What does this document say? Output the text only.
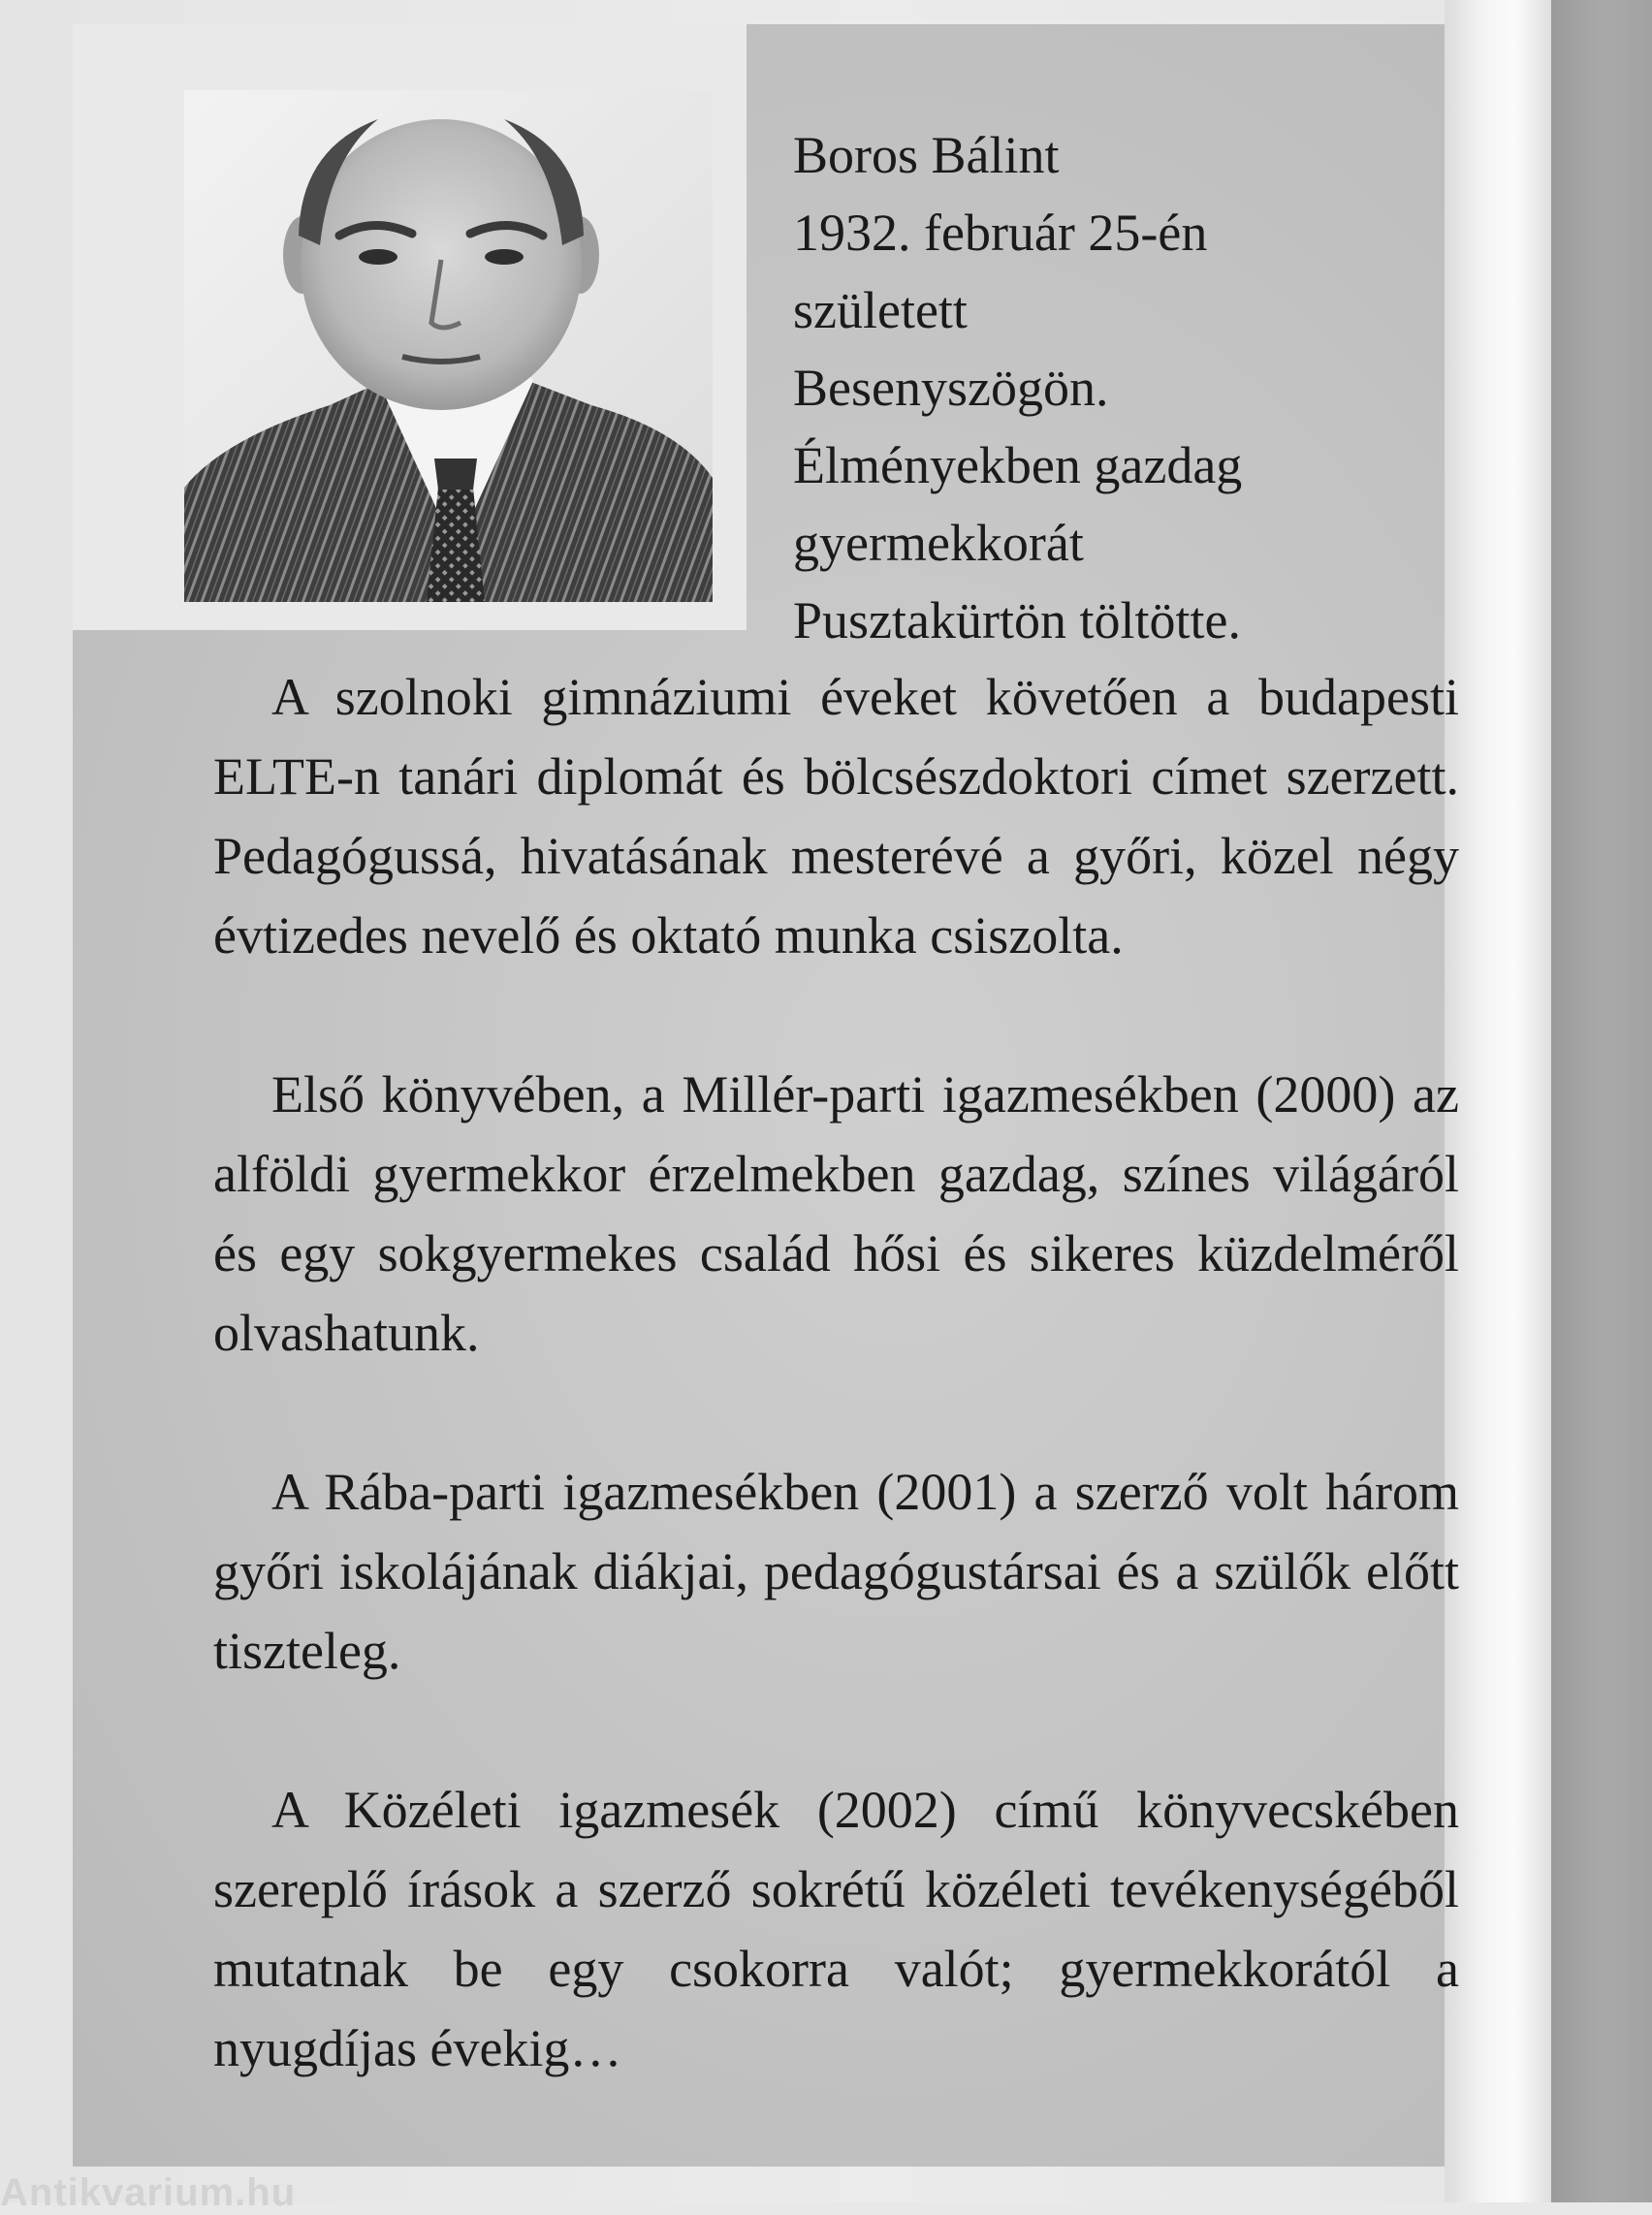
Boros Bálint
1932. február 25-én
született
Besenyszögön.
Élményekben gazdag
gyermekkorát
Pusztakürtön töltötte.

A szolnoki gimnáziumi éveket követően a budapesti ELTE-n tanári diplomát és bölcsészdoktori címet szerzett. Pedagógussá, hivatásának mesterévé a győri, közel négy évtizedes nevelő és oktató munka csiszolta.

Első könyvében, a Millér-parti igazmesékben (2000) az alföldi gyermekkor érzelmekben gazdag, színes világáról és egy sokgyermekes család hősi és sikeres küzdelméről olvashatunk.

A Rába-parti igazmesékben (2001) a szerző volt három győri iskolájának diákjai, pedagógustársai és a szülők előtt tiszteleg.

A Közéleti igazmesék (2002) című könyvecskében szereplő írások a szerző sokrétű közéleti tevékenységéből mutatnak be egy csokorra valót; gyermekkorától a nyugdíjas évekig…

Antikvarium.hu
